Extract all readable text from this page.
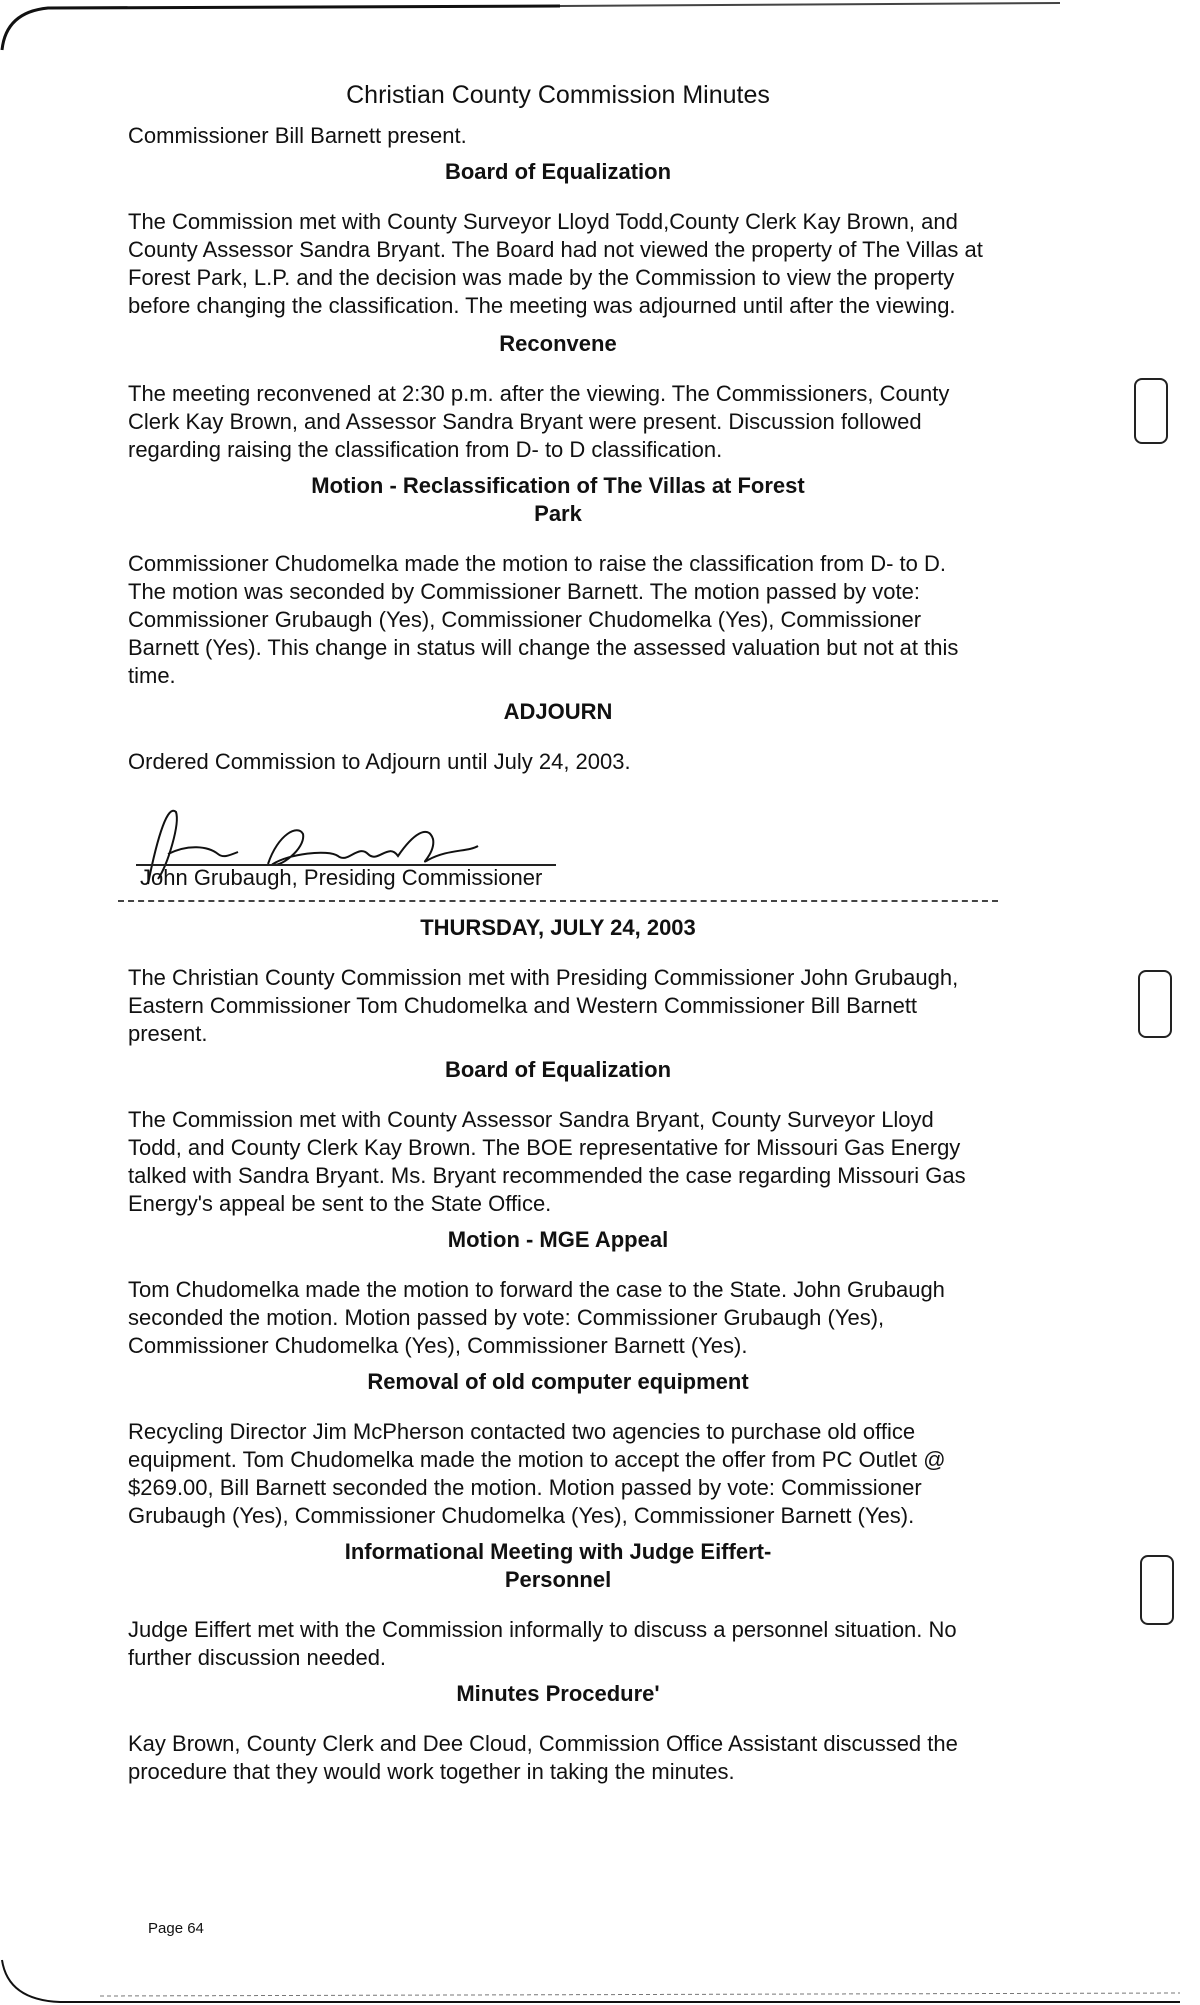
Christian County Commission Minutes

Commissioner Bill Barnett present.

Board of Equalization

The Commission met with County Surveyor Lloyd Todd,County Clerk Kay Brown, and County Assessor Sandra Bryant. The Board had not viewed the property of The Villas at Forest Park, L.P. and the decision was made by the Commission to view the property before changing the classification. The meeting was adjourned until after the viewing.

Reconvene

The meeting reconvened at 2:30 p.m. after the viewing. The Commissioners, County Clerk Kay Brown, and Assessor Sandra Bryant were present. Discussion followed regarding raising the classification from D- to D classification.

Motion - Reclassification of The Villas at Forest
Park

Commissioner Chudomelka made the motion to raise the classification from D- to D. The motion was seconded by Commissioner Barnett. The motion passed by vote: Commissioner Grubaugh (Yes), Commissioner Chudomelka (Yes), Commissioner Barnett (Yes). This change in status will change the assessed valuation but not at this time.

ADJOURN

Ordered Commission to Adjourn until July 24, 2003.

John Grubaugh, Presiding Commissioner
THURSDAY, JULY 24, 2003

The Christian County Commission met with Presiding Commissioner John Grubaugh, Eastern Commissioner Tom Chudomelka and Western Commissioner Bill Barnett present.

Board of Equalization

The Commission met with County Assessor Sandra Bryant, County Surveyor Lloyd Todd, and County Clerk Kay Brown. The BOE representative for Missouri Gas Energy talked with Sandra Bryant. Ms. Bryant recommended the case regarding Missouri Gas Energy's appeal be sent to the State Office.

Motion - MGE Appeal

Tom Chudomelka made the motion to forward the case to the State. John Grubaugh seconded the motion. Motion passed by vote: Commissioner Grubaugh (Yes), Commissioner Chudomelka (Yes), Commissioner Barnett (Yes).

Removal of old computer equipment

Recycling Director Jim McPherson contacted two agencies to purchase old office equipment. Tom Chudomelka made the motion to accept the offer from PC Outlet @ $269.00, Bill Barnett seconded the motion. Motion passed by vote: Commissioner Grubaugh (Yes), Commissioner Chudomelka (Yes), Commissioner Barnett (Yes).

Informational Meeting with Judge Eiffert-
Personnel

Judge Eiffert met with the Commission informally to discuss a personnel situation. No further discussion needed.

Minutes Procedure'

Kay Brown, County Clerk and Dee Cloud, Commission Office Assistant discussed the procedure that they would work together in taking the minutes.

Page 64
